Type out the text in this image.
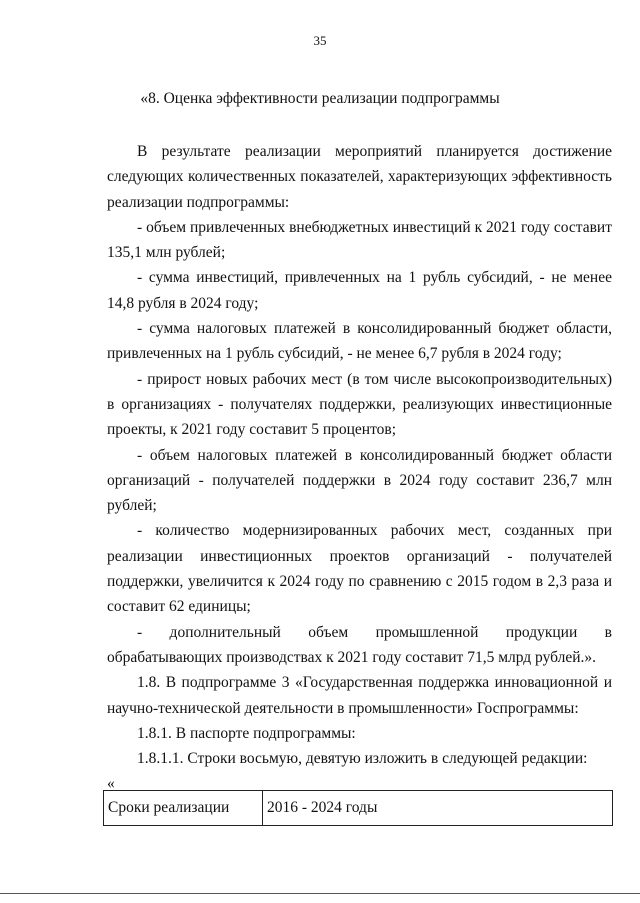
35
«8. Оценка эффективности реализации подпрограммы

В результате реализации мероприятий планируется достижение следующих количественных показателей, характеризующих эффективность реализации подпрограммы:

- объем привлеченных внебюджетных инвестиций к 2021 году составит 135,1 млн рублей;

- сумма инвестиций, привлеченных на 1 рубль субсидий, - не менее 14,8 рубля в 2024 году;

- сумма налоговых платежей в консолидированный бюджет области, привлеченных на 1 рубль субсидий, - не менее 6,7 рубля в 2024 году;

- прирост новых рабочих мест (в том числе высокопроизводительных) в организациях - получателях поддержки, реализующих инвестиционные проекты, к 2021 году составит 5 процентов;

- объем налоговых платежей в консолидированный бюджет области организаций - получателей поддержки в 2024 году составит 236,7 млн рублей;

- количество модернизированных рабочих мест, созданных при реализации инвестиционных проектов организаций - получателей поддержки, увеличится к 2024 году по сравнению с 2015 годом в 2,3 раза и составит 62 единицы;

- дополнительный объем промышленной продукции в обрабатывающих производствах к 2021 году составит 71,5 млрд рублей.».

1.8. В подпрограмме 3 «Государственная поддержка инновационной и научно-технической деятельности в промышленности» Госпрограммы:

1.8.1. В паспорте подпрограммы:

1.8.1.1. Строки восьмую, девятую изложить в следующей редакции:

«

Сроки реализации	2016 - 2024 годы
